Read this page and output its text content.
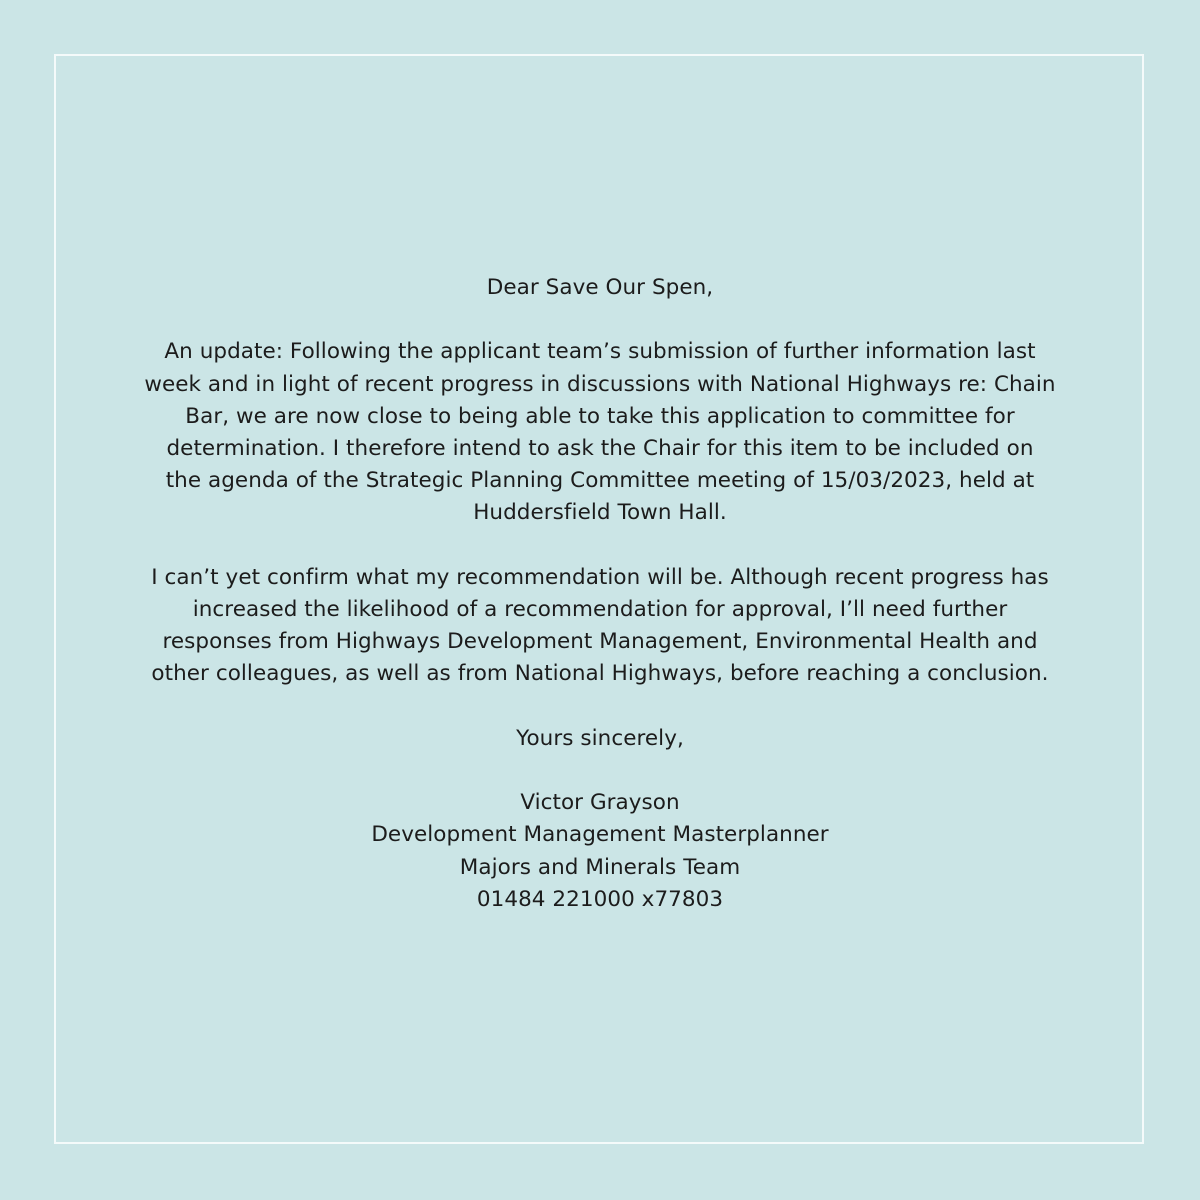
Dear Save Our Spen,

An update: Following the applicant team’s submission of further information last

week and in light of recent progress in discussions with National Highways re: Chain

Bar, we are now close to being able to take this application to committee for

determination. I therefore intend to ask the Chair for this item to be included on

the agenda of the Strategic Planning Committee meeting of 15/03/2023, held at

Huddersfield Town Hall.

I can’t yet confirm what my recommendation will be. Although recent progress has

increased the likelihood of a recommendation for approval, I’ll need further

responses from Highways Development Management, Environmental Health and

other colleagues, as well as from National Highways, before reaching a conclusion.

Yours sincerely,

Victor Grayson

Development Management Masterplanner

Majors and Minerals Team

01484 221000 x77803
